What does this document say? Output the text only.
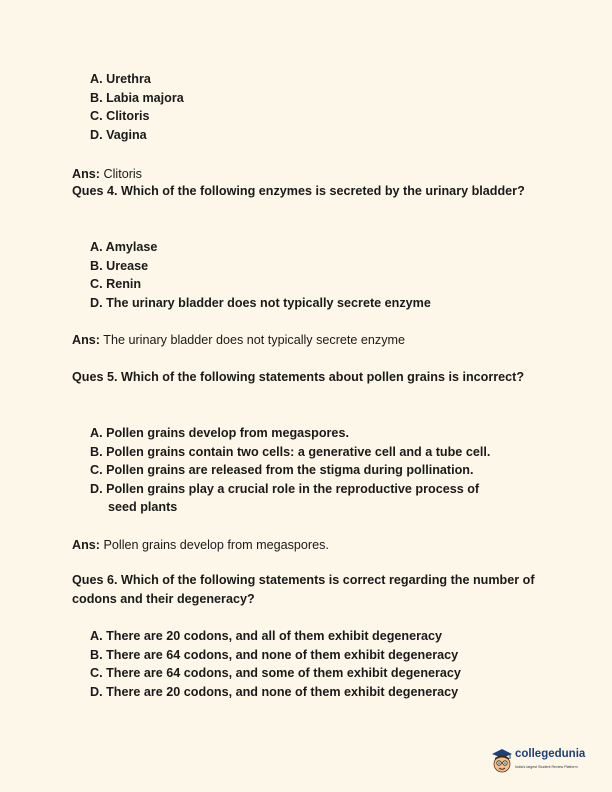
A. Urethra
B. Labia majora
C. Clitoris
D. Vagina
Ans: Clitoris
Ques 4. Which of the following enzymes is secreted by the urinary bladder?
A. Amylase
B. Urease
C. Renin
D. The urinary bladder does not typically secrete enzyme
Ans: The urinary bladder does not typically secrete enzyme
Ques 5. Which of the following statements about pollen grains is incorrect?
A. Pollen grains develop from megaspores.
B. Pollen grains contain two cells: a generative cell and a tube cell.
C. Pollen grains are released from the stigma during pollination.
D. Pollen grains play a crucial role in the reproductive process of
seed plants
Ans: Pollen grains develop from megaspores.
Ques 6. Which of the following statements is correct regarding the number of codons and their degeneracy?
A. There are 20 codons, and all of them exhibit degeneracy
B. There are 64 codons, and none of them exhibit degeneracy
C. There are 64 codons, and some of them exhibit degeneracy
D. There are 20 codons, and none of them exhibit degeneracy
collegedunia
India's largest Student Review Platform
